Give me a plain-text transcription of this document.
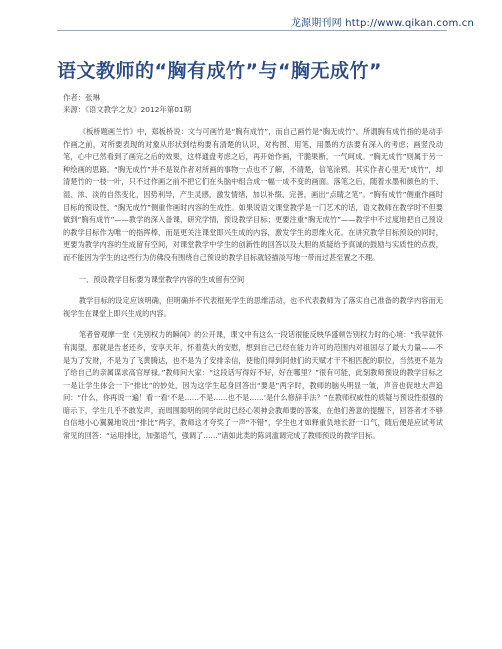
龙源期刊网 http://www.qikan.com.cn
语文教师的“胸有成竹”与“胸无成竹”
作者：张琳
来源：《语文教学之友》2012年第01期

《板桥题画兰竹》中，郑板桥说：文与可画竹是“胸有成竹”，而自己画竹是“胸无成竹”。所谓胸有成竹指的是动手作画之前，对所要表现的对象从形状到结构要有清楚的认识，对构图、用笔、用墨的方法要有深入的考虑；画竖没动笔，心中已然看到了画完之后的效果，这样通盘考虑之后，再开始作画，干脆果断，一气呵成。“胸无成竹”则属于另一种绘画的思路。“胸无成竹”并不是说作者对所画的事物一点也不了解，不清楚，信笔涂鸦。其实作者心里无“成竹”，却清楚竹的一枝一叶，只不过作画之前不把它们在头脑中组合成一幅一成不变的画面。落笔之后，随着水墨和颜色的干、湿、浓、淡的自然变化，因势利导，产生灵感，激发情绪，加以补缀、完善，画出“点睛之笔”。“胸有成竹”侧重作画时目标的预设性，“胸无成竹”侧重作画时内容的生成性。如果说语文课堂教学是一门艺术的话，语文教师在教学时不但要做到“胸有成竹”——教学的深入备课，研究学情，预设教学目标；更要注重“胸无成竹”——教学中不过度地把自己预设的教学目标作为唯一的指挥棒，而是更关注课堂即兴生成的内容，激发学生的思维火花。在讲究教学目标预设的同时，更要为教学内容的生成留有空间，对课堂教学中学生的创新性的回答以及大胆的质疑给予真诚的鼓励与实质性的点拨，而不能因为学生的这些行为仿佛没有围绕自己预设的教学目标就轻描淡写地一带而过甚至置之不理。

一、预设教学目标要为课堂教学内容的生成留有空间

教学目标的设定应该明确，但明确并不代表框死学生的思维活动，也不代表教师为了落实自己准备的教学内容而无视学生在课堂上即兴生成的内容。

笔者曾观摩一堂《先别权力的瞬间》的公开课，课文中有这么一段话很能反映华盛顿告别权力时的心境：“我早就怀有渴望，那就是告老还乡，安享天年，怀着莫大的安慰，想到自己已经在能力许可的范围内对祖国尽了最大力量——不是为了发财，不是为了飞黄腾达，也不是为了安排亲信，使他们得到同他们的天赋才干不相匹配的职位，当然更不是为了给自己的亲属谋求高官厚禄。”教师问大家：“这段话写得好不好，好在哪里？”很有可能，此刻教师预设的教学目标之一是让学生体会一下“排比”的妙处，因为这学生起身回答出“要是”两字时，教师的脑头明显一皱，声音也促地大声追问：“什么，你再说一遍！看一看‘不是……不是……也不是……’是什么修辞手法？”在教师权威性的质疑与预设性很强的暗示下，学生几乎不敢发声，而周围聪明的同学此时已经心领神会教师要的答案，在他们善意的提醒下，回答者才不够自信地小心翼翼地说出“排比”两字，教师这才夸奖了一声“不错”，学生也才如释重负地长舒一口气，随后便是应试考试常见的回答：“运用排比，加强语气，强调了……”诸如此类的陈词滥调完成了教师预设的教学目标。
